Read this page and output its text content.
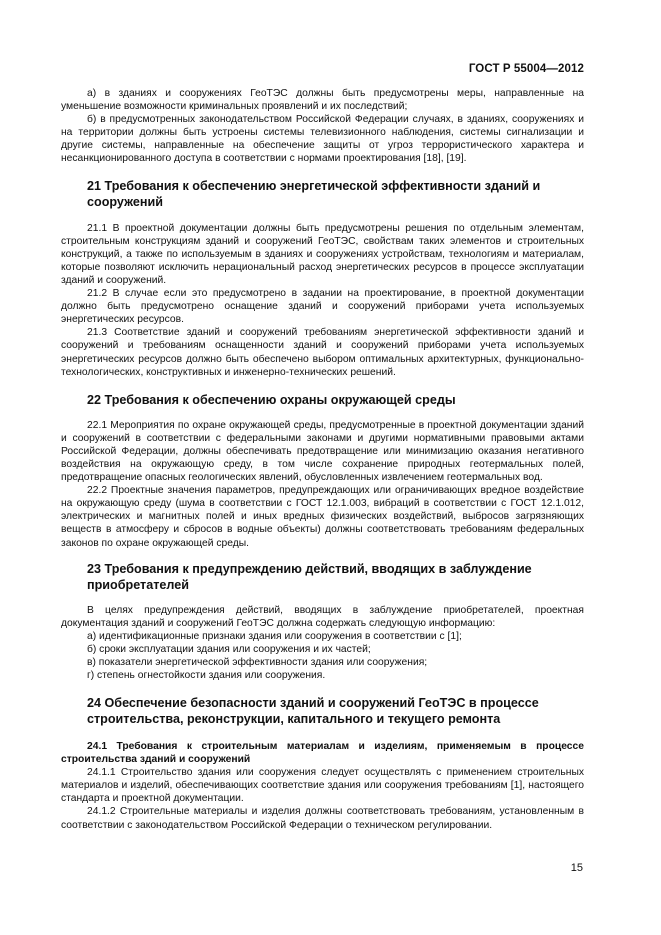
ГОСТ Р 55004—2012

а) в зданиях и сооружениях ГеоТЭС должны быть предусмотрены меры, направленные на уменьшение возможности криминальных проявлений и их последствий;

б) в предусмотренных законодательством Российской Федерации случаях, в зданиях, сооружениях и на территории должны быть устроены системы телевизионного наблюдения, системы сигнализации и другие системы, направленные на обеспечение защиты от угроз террористического характера и несанкционированного доступа в соответствии с нормами проектирования [18], [19].

21 Требования к обеспечению энергетической эффективности зданий и сооружений

21.1 В проектной документации должны быть предусмотрены решения по отдельным элементам, строительным конструкциям зданий и сооружений ГеоТЭС, свойствам таких элементов и строительных конструкций, а также по используемым в зданиях и сооружениях устройствам, технологиям и материалам, которые позволяют исключить нерациональный расход энергетических ресурсов в процессе эксплуатации зданий и сооружений.

21.2 В случае если это предусмотрено в задании на проектирование, в проектной документации должно быть предусмотрено оснащение зданий и сооружений приборами учета используемых энергетических ресурсов.

21.3 Соответствие зданий и сооружений требованиям энергетической эффективности зданий и сооружений и требованиям оснащенности зданий и сооружений приборами учета используемых энергетических ресурсов должно быть обеспечено выбором оптимальных архитектурных, функционально-технологических, конструктивных и инженерно-технических решений.

22 Требования к обеспечению охраны окружающей среды

22.1 Мероприятия по охране окружающей среды, предусмотренные в проектной документации зданий и сооружений в соответствии с федеральными законами и другими нормативными правовыми актами Российской Федерации, должны обеспечивать предотвращение или минимизацию оказания негативного воздействия на окружающую среду, в том числе сохранение природных геотермальных полей, предотвращение опасных геологических явлений, обусловленных извлечением геотермальных вод.

22.2 Проектные значения параметров, предупреждающих или ограничивающих вредное воздействие на окружающую среду (шума в соответствии с ГОСТ 12.1.003, вибраций в соответствии с ГОСТ 12.1.012, электрических и магнитных полей и иных вредных физических воздействий, выбросов загрязняющих веществ в атмосферу и сбросов в водные объекты) должны соответствовать требованиям федеральных законов по охране окружающей среды.

23 Требования к предупреждению действий, вводящих в заблуждение приобретателей

В целях предупреждения действий, вводящих в заблуждение приобретателей, проектная документация зданий и сооружений ГеоТЭС должна содержать следующую информацию:

а) идентификационные признаки здания или сооружения в соответствии с [1];

б) сроки эксплуатации здания или сооружения и их частей;

в) показатели энергетической эффективности здания или сооружения;

г) степень огнестойкости здания или сооружения.

24 Обеспечение безопасности зданий и сооружений ГеоТЭС в процессе строительства, реконструкции, капитального и текущего ремонта
24.1 Требования к строительным материалам и изделиям, применяемым в процессе строительства зданий и сооружений

24.1.1 Строительство здания или сооружения следует осуществлять с применением строительных материалов и изделий, обеспечивающих соответствие здания или сооружения требованиям [1], настоящего стандарта и проектной документации.

24.1.2 Строительные материалы и изделия должны соответствовать требованиям, установленным в соответствии с законодательством Российской Федерации о техническом регулировании.

15
